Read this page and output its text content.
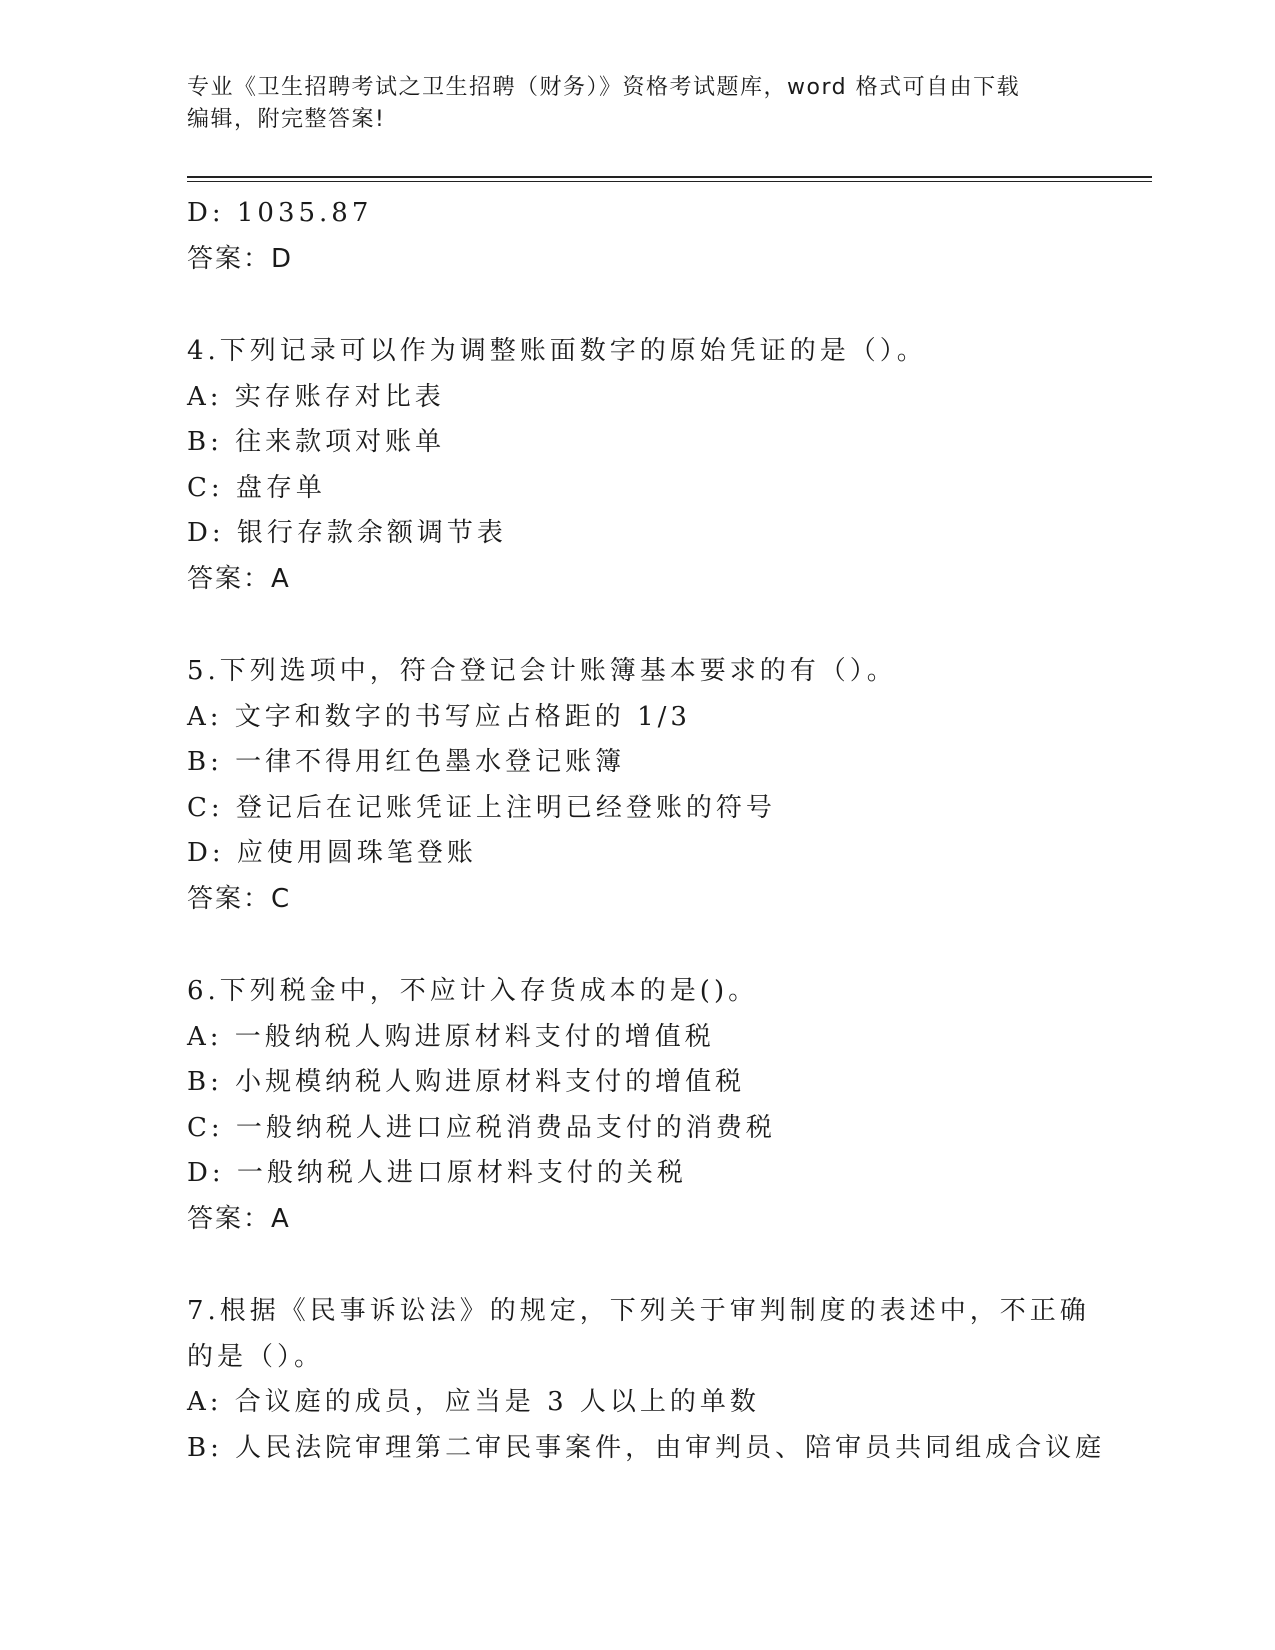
专业《卫生招聘考试之卫生招聘（财务）》资格考试题库，word 格式可自由下载
编辑，附完整答案!
D: 1035.87
答案：D
4.下列记录可以作为调整账面数字的原始凭证的是（）。
A: 实存账存对比表
B: 往来款项对账单
C: 盘存单
D: 银行存款余额调节表
答案：A
5.下列选项中，符合登记会计账簿基本要求的有（）。
A: 文字和数字的书写应占格距的 1/3
B: 一律不得用红色墨水登记账簿
C: 登记后在记账凭证上注明已经登账的符号
D: 应使用圆珠笔登账
答案：C
6.下列税金中，不应计入存货成本的是()。
A: 一般纳税人购进原材料支付的增值税
B: 小规模纳税人购进原材料支付的增值税
C: 一般纳税人进口应税消费品支付的消费税
D: 一般纳税人进口原材料支付的关税
答案：A
7.根据《民事诉讼法》的规定，下列关于审判制度的表述中，不正确
的是（）。
A: 合议庭的成员，应当是 3 人以上的单数
B: 人民法院审理第二审民事案件，由审判员、陪审员共同组成合议庭
